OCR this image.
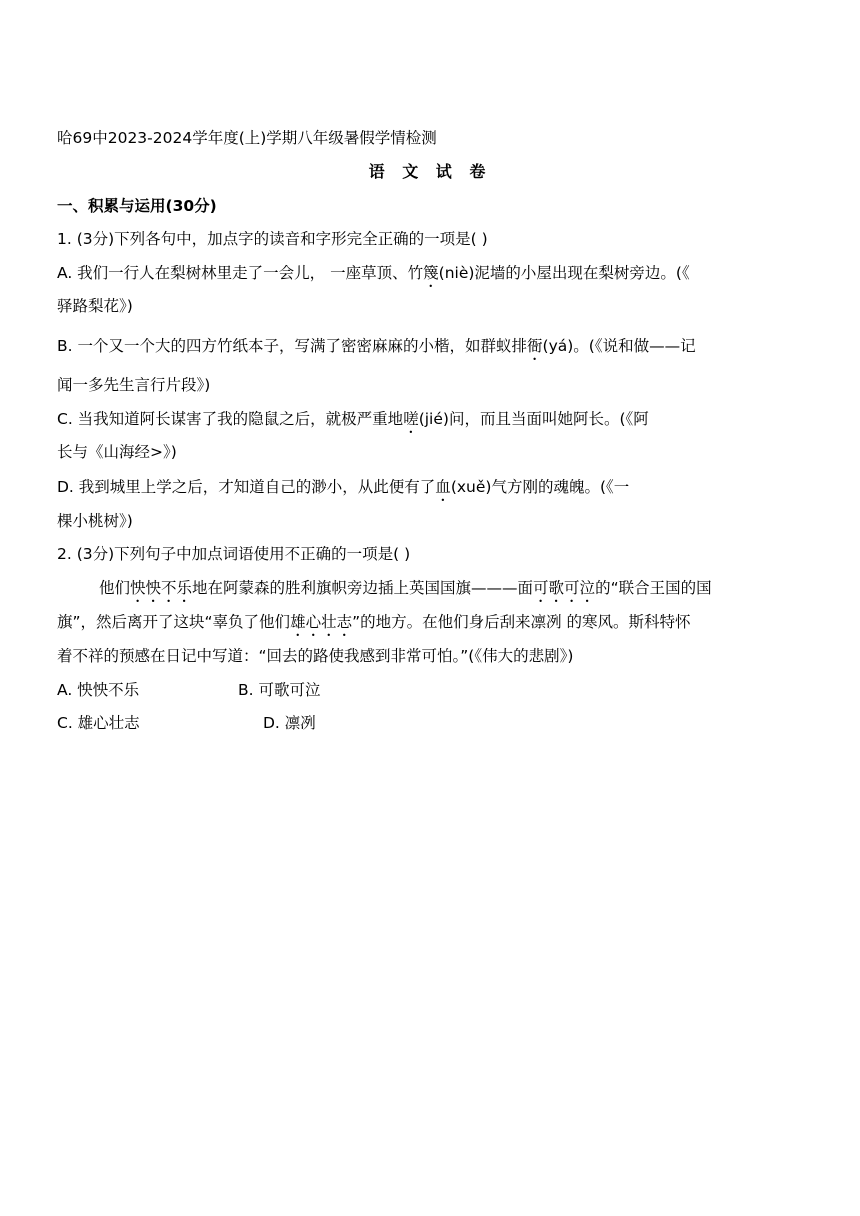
哈69中2023-2024学年度(上)学期八年级暑假学情检测
语 文 试 卷
一、积累与运用(30分)
1. (3分)下列各句中，加点字的读音和字形完全正确的一项是( )
A. 我们一行人在梨树林里走了一会儿， 一座草顶、竹篾(niè)泥墙的小屋出现在梨树旁边。(《
驿路梨花》)
B. 一个又一个大的四方竹纸本子，写满了密密麻麻的小楷，如群蚁排衙(yá)。(《说和做——记
闻一多先生言行片段》)
C. 当我知道阿长谋害了我的隐鼠之后，就极严重地嗟(jié)问，而且当面叫她阿长。(《阿
长与《山海经>》)
D. 我到城里上学之后，才知道自己的渺小，从此便有了血(xuě)气方刚的魂魄。(《一
棵小桃树》)
2. (3分)下列句子中加点词语使用不正确的一项是( )
他们怏怏不乐地在阿蒙森的胜利旗帜旁边插上英国国旗———面可歌可泣的“联合王国的国
旗”，然后离开了这块“辜负了他们雄心壮志”的地方。在他们身后刮来凛冽 的寒风。斯科特怀
着不祥的预感在日记中写道：“回去的路使我感到非常可怕。”(《伟大的悲剧》)
A. 怏怏不乐	B. 可歌可泣
C. 雄心壮志	D. 凛冽
